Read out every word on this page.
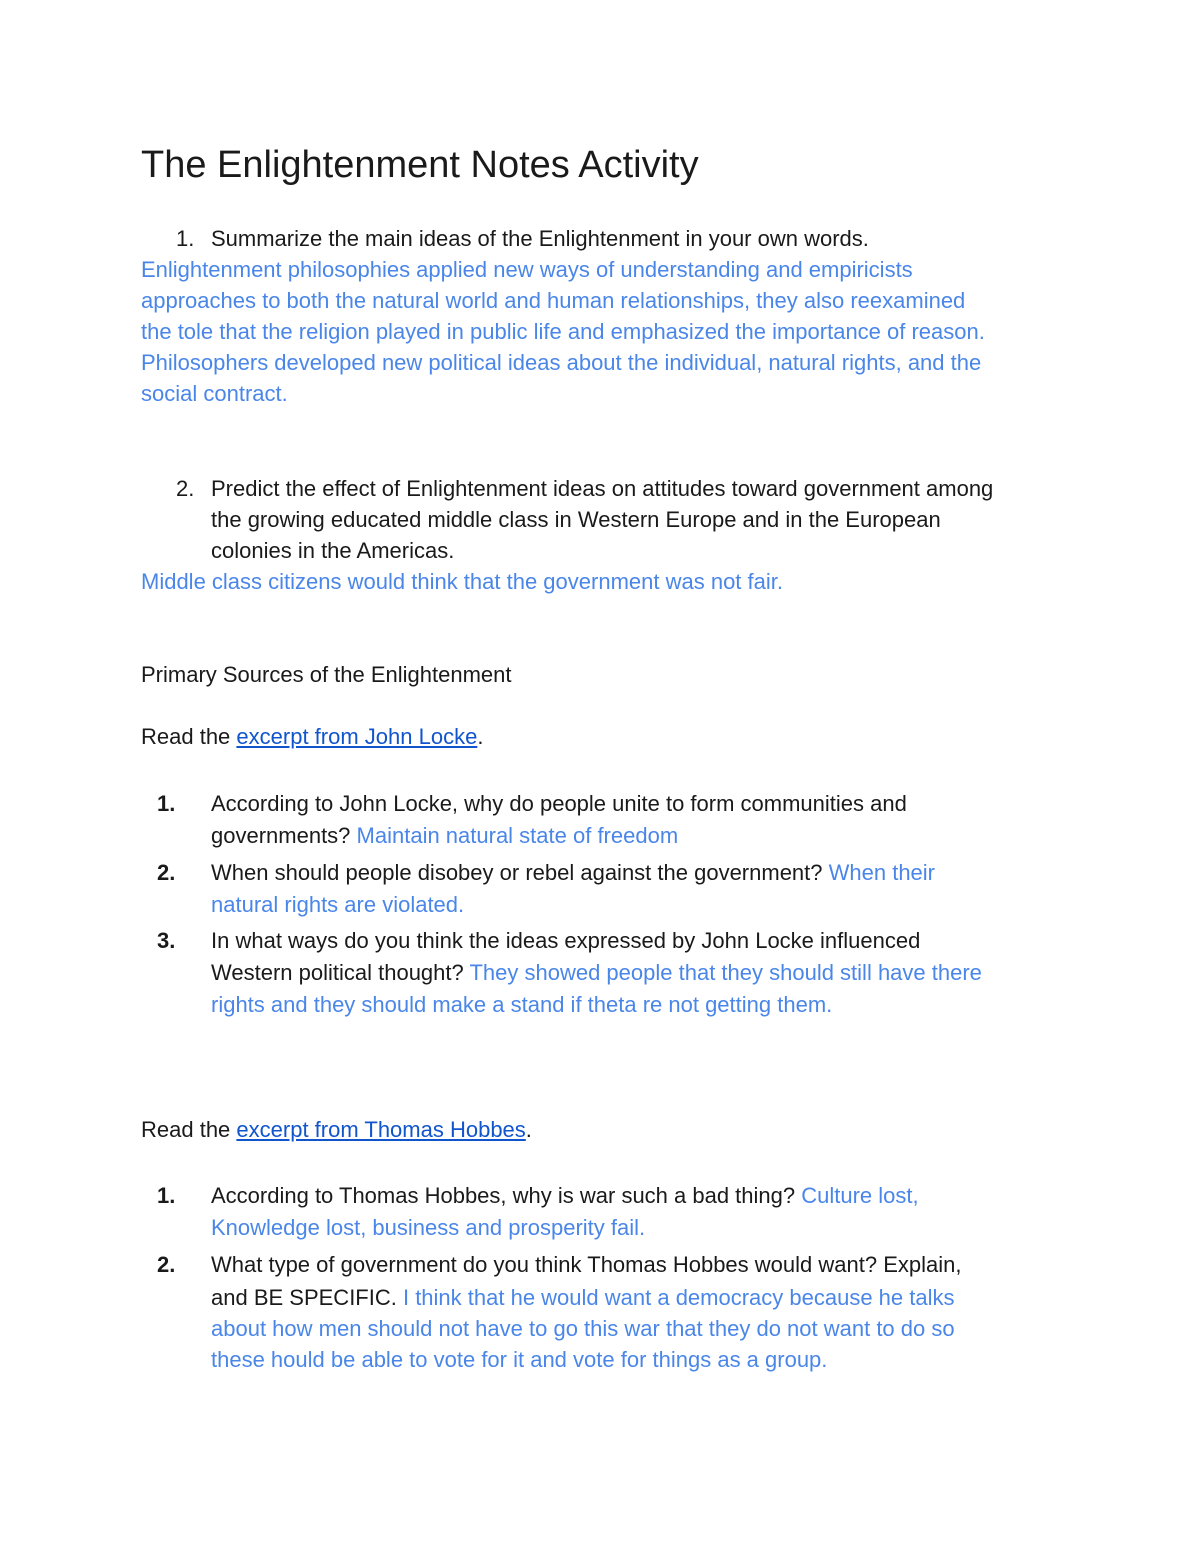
The Enlightenment Notes Activity
1. Summarize the main ideas of the Enlightenment in your own words.

Enlightenment philosophies applied new ways of understanding and empiricists

approaches to both the natural world and human relationships, they also reexamined

the tole that the religion played in public life and emphasized the importance of reason.

Philosophers developed new political ideas about the individual, natural rights, and the

social contract.

2. Predict the effect of Enlightenment ideas on attitudes toward government among

the growing educated middle class in Western Europe and in the European

colonies in the Americas.

Middle class citizens would think that the government was not fair.

Primary Sources of the Enlightenment

Read the excerpt from John Locke.

1. According to John Locke, why do people unite to form communities and
governments? Maintain natural state of freedom
2. When should people disobey or rebel against the government? When their
natural rights are violated.
3. In what ways do you think the ideas expressed by John Locke influenced
Western political thought? They showed people that they should still have there
rights and they should make a stand if theta re not getting them.

Read the excerpt from Thomas Hobbes.

1. According to Thomas Hobbes, why is war such a bad thing? Culture lost,
Knowledge lost, business and prosperity fail.
2. What type of government do you think Thomas Hobbes would want? Explain,
and BE SPECIFIC. I think that he would want a democracy because he talks
about how men should not have to go this war that they do not want to do so
these hould be able to vote for it and vote for things as a group.
